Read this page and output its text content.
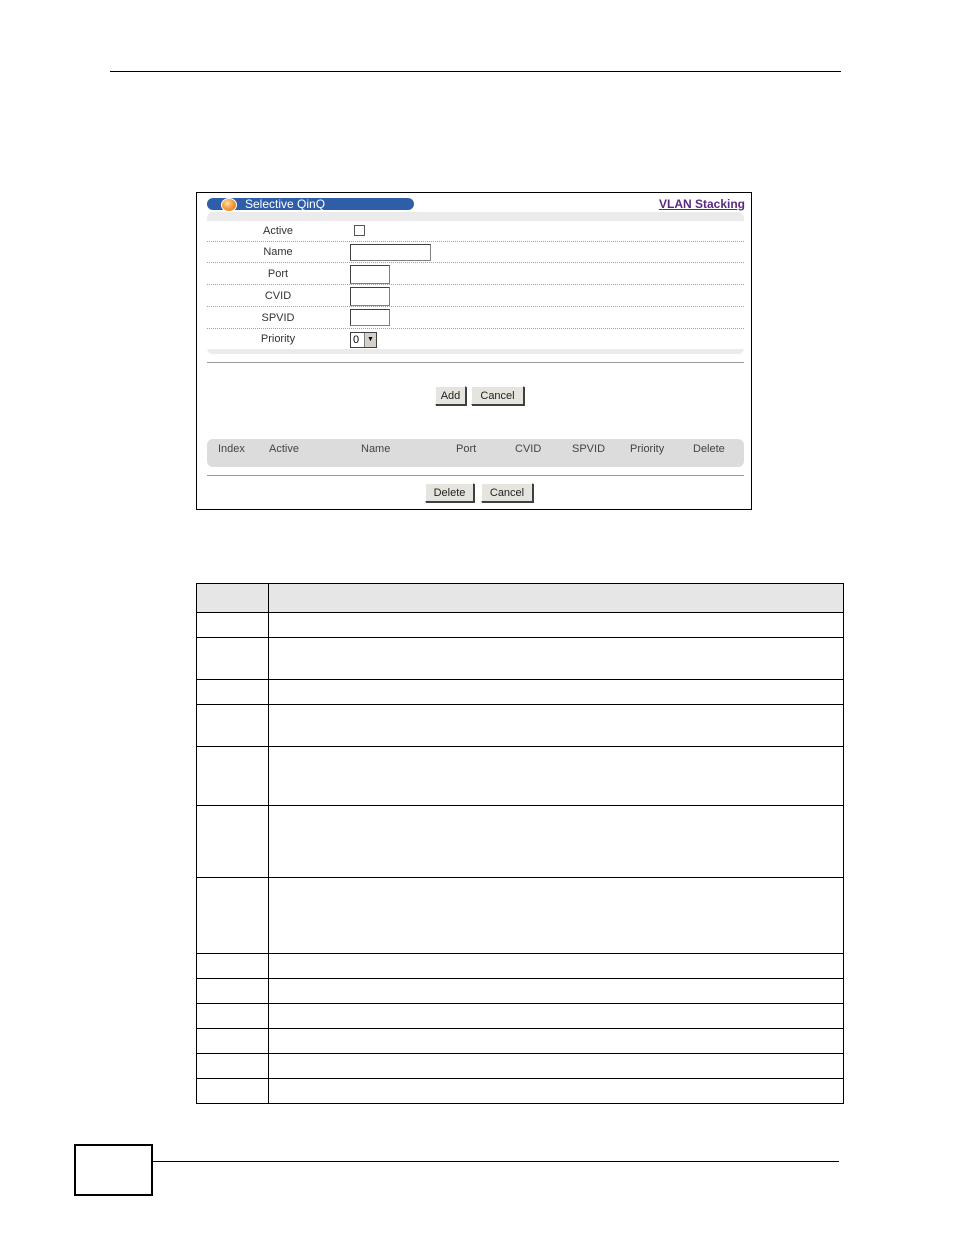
Selective QinQ	VLAN Stacking
Active
Name
Port
CVID
SPVID
Priority	0	▼
Add	Cancel
Index Active	Name	Port	CVID	SPVID Priority	Delete
Delete	Cancel
